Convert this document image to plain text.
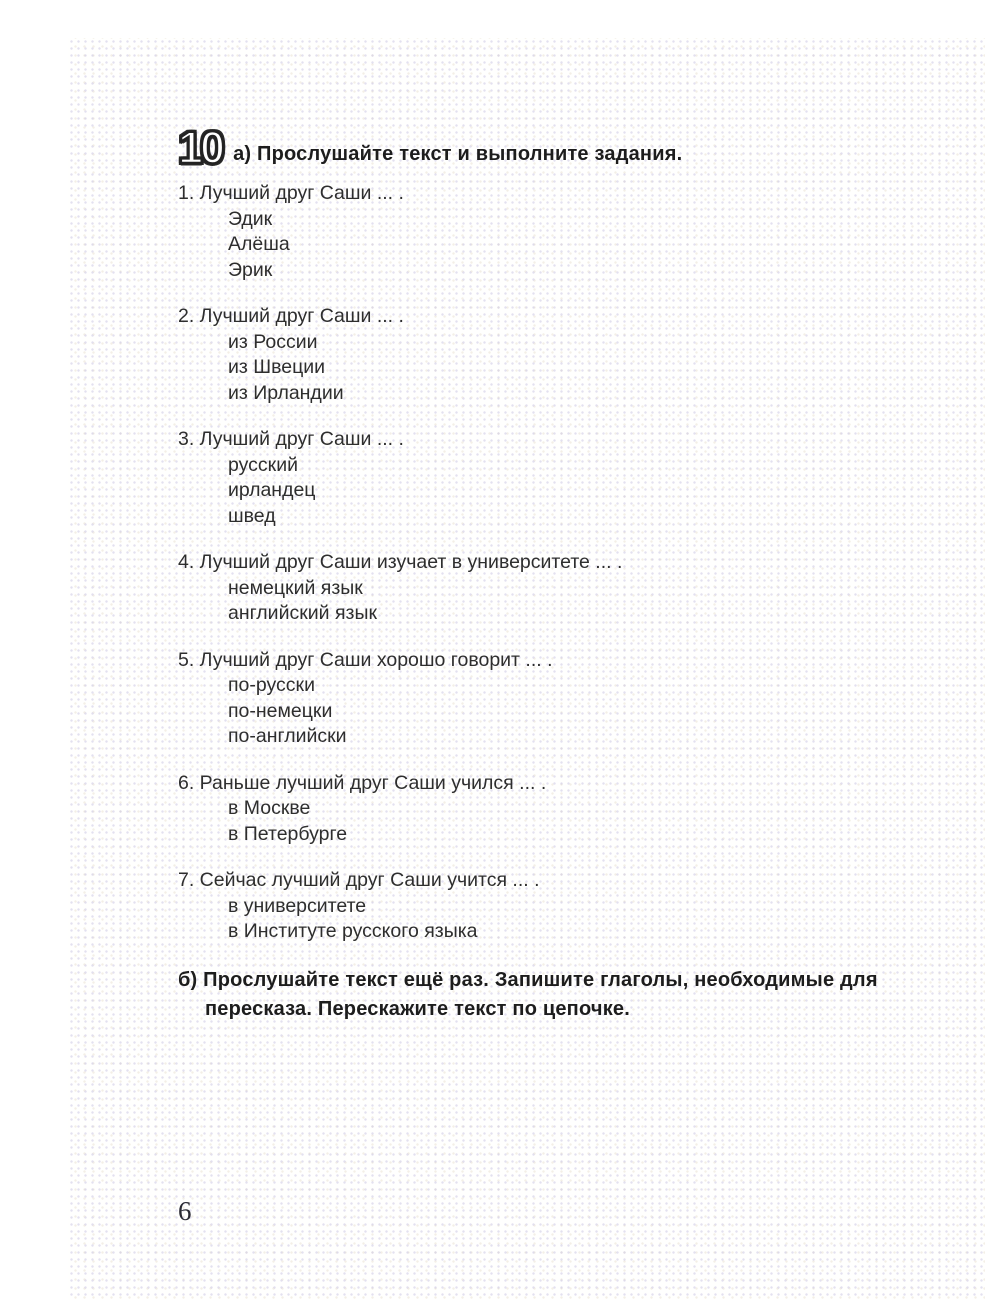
10 а) Прослушайте текст и выполните задания.
1. Лучший друг Саши ... .
Эдик
Алёша
Эрик
2. Лучший друг Саши ... .
из России
из Швеции
из Ирландии
3. Лучший друг Саши ... .
русский
ирландец
швед
4. Лучший друг Саши изучает в университете ... .
немецкий язык
английский язык
5. Лучший друг Саши хорошо говорит ... .
по-русски
по-немецки
по-английски
6. Раньше лучший друг Саши учился ... .
в Москве
в Петербурге
7. Сейчас лучший друг Саши учится ... .
в университете
в Институте русского языка

б) Прослушайте текст ещё раз. Запишите глаголы, необходимые для пересказа. Перескажите текст по цепочке.

6
